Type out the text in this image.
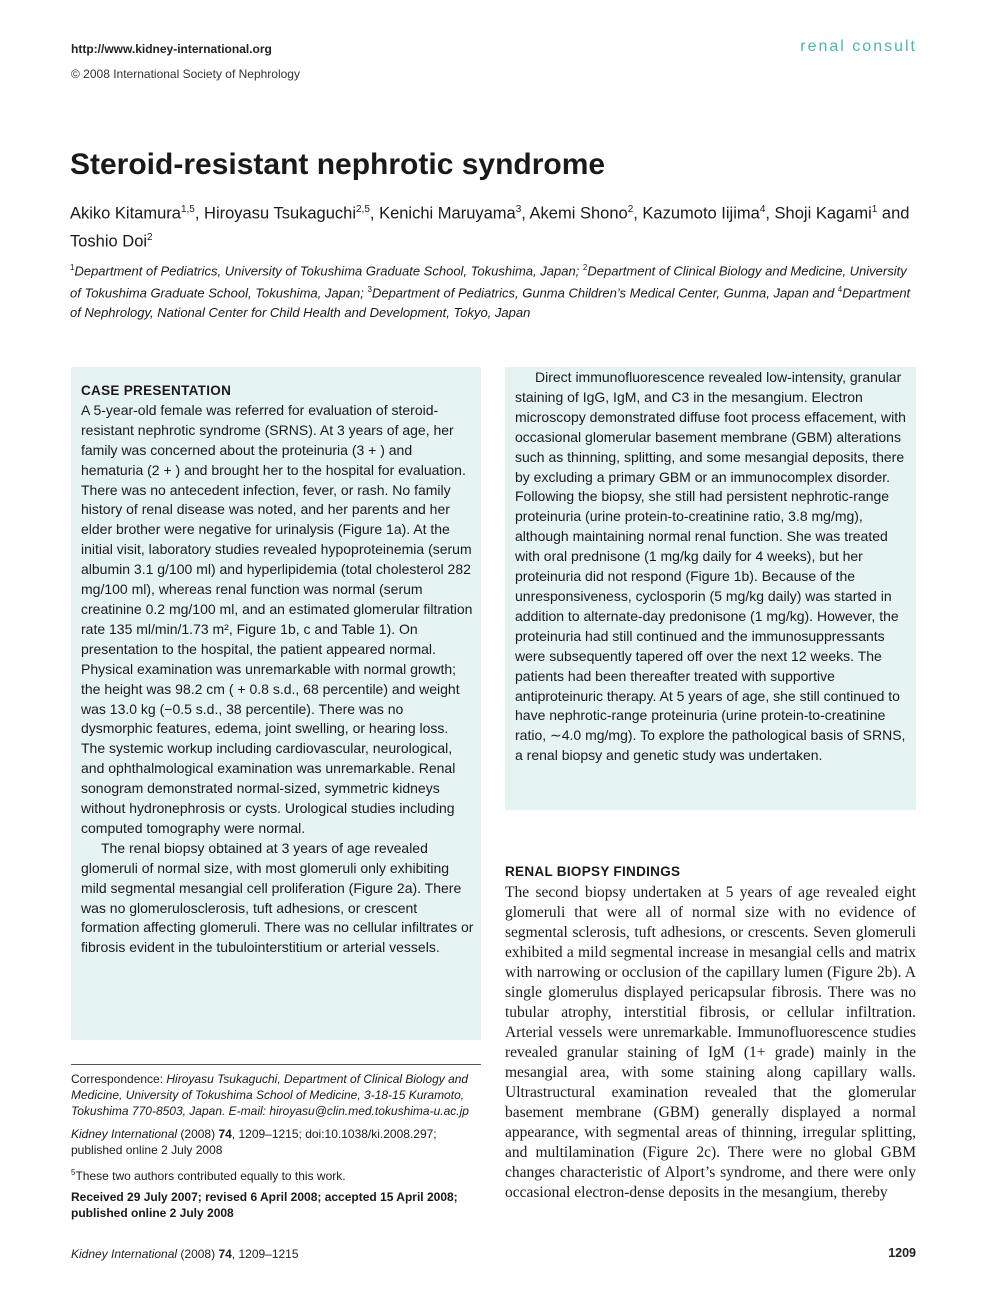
http://www.kidney-international.org	renal consult
© 2008 International Society of Nephrology
Steroid-resistant nephrotic syndrome
Akiko Kitamura$^{1,5}$, Hiroyasu Tsukaguchi$^{2,5}$, Kenichi Maruyama$^3$, Akemi Shono$^2$, Kazumoto Iijima$^4$, Shoji Kagami$^1$ and Toshio Doi$^2$
$^1$Department of Pediatrics, University of Tokushima Graduate School, Tokushima, Japan; $^2$Department of Clinical Biology and Medicine, University of Tokushima Graduate School, Tokushima, Japan; $^3$Department of Pediatrics, Gunma Children’s Medical Center, Gunma, Japan and $^4$Department of Nephrology, National Center for Child Health and Development, Tokyo, Japan
CASE PRESENTATION

A 5-year-old female was referred for evaluation of steroid-resistant nephrotic syndrome (SRNS). At 3 years of age, her family was concerned about the proteinuria (3 + ) and hematuria (2 + ) and brought her to the hospital for evaluation. There was no antecedent infection, fever, or rash. No family history of renal disease was noted, and her parents and her elder brother were negative for urinalysis (Figure 1a). At the initial visit, laboratory studies revealed hypoproteinemia (serum albumin 3.1 g/100 ml) and hyperlipidemia (total cholesterol 282 mg/100 ml), whereas renal function was normal (serum creatinine 0.2 mg/100 ml, and an estimated glomerular filtration rate 135 ml/min/1.73 m², Figure 1b, c and Table 1). On presentation to the hospital, the patient appeared normal. Physical examination was unremarkable with normal growth; the height was 98.2 cm ( + 0.8 s.d., 68 percentile) and weight was 13.0 kg (−0.5 s.d., 38 percentile). There was no dysmorphic features, edema, joint swelling, or hearing loss. The systemic workup including cardiovascular, neurological, and ophthalmological examination was unremarkable. Renal sonogram demonstrated normal-sized, symmetric kidneys without hydronephrosis or cysts. Urological studies including computed tomography were normal.

The renal biopsy obtained at 3 years of age revealed glomeruli of normal size, with most glomeruli only exhibiting mild segmental mesangial cell proliferation (Figure 2a). There was no glomerulosclerosis, tuft adhesions, or crescent formation affecting glomeruli. There was no cellular infiltrates or fibrosis evident in the tubulointerstitium or arterial vessels.

Direct immunofluorescence revealed low-intensity, granular staining of IgG, IgM, and C3 in the mesangium. Electron microscopy demonstrated diffuse foot process effacement, with occasional glomerular basement membrane (GBM) alterations such as thinning, splitting, and some mesangial deposits, there by excluding a primary GBM or an immunocomplex disorder. Following the biopsy, she still had persistent nephrotic-range proteinuria (urine protein-to-creatinine ratio, 3.8 mg/mg), although maintaining normal renal function. She was treated with oral prednisone (1 mg/kg daily for 4 weeks), but her proteinuria did not respond (Figure 1b). Because of the unresponsiveness, cyclosporin (5 mg/kg daily) was started in addition to alternate-day predonisone (1 mg/kg). However, the proteinuria had still continued and the immunosuppressants were subsequently tapered off over the next 12 weeks. The patients had been thereafter treated with supportive antiproteinuric therapy. At 5 years of age, she still continued to have nephrotic-range proteinuria (urine protein-to-creatinine ratio, ∼4.0 mg/mg). To explore the pathological basis of SRNS, a renal biopsy and genetic study was undertaken.

RENAL BIOPSY FINDINGS

The second biopsy undertaken at 5 years of age revealed eight glomeruli that were all of normal size with no evidence of segmental sclerosis, tuft adhesions, or crescents. Seven glomeruli exhibited a mild segmental increase in mesangial cells and matrix with narrowing or occlusion of the capillary lumen (Figure 2b). A single glomerulus displayed pericapsular fibrosis. There was no tubular atrophy, interstitial fibrosis, or cellular infiltration. Arterial vessels were unremarkable. Immunofluorescence studies revealed granular staining of IgM (1+ grade) mainly in the mesangial area, with some staining along capillary walls. Ultrastructural examination revealed that the glomerular basement membrane (GBM) generally displayed a normal appearance, with segmental areas of thinning, irregular splitting, and multilamination (Figure 2c). There were no global GBM changes characteristic of Alport’s syndrome, and there were only occasional electron-dense deposits in the mesangium, thereby

Correspondence: Hiroyasu Tsukaguchi, Department of Clinical Biology and Medicine, University of Tokushima School of Medicine, 3-18-15 Kuramoto, Tokushima 770-8503, Japan. E-mail: hiroyasu@clin.med.tokushima-u.ac.jp

Kidney International (2008) 74, 1209–1215; doi:10.1038/ki.2008.297; published online 2 July 2008

$^5$These two authors contributed equally to this work.

Received 29 July 2007; revised 6 April 2008; accepted 15 April 2008; published online 2 July 2008

Kidney International (2008) 74, 1209–1215	1209
